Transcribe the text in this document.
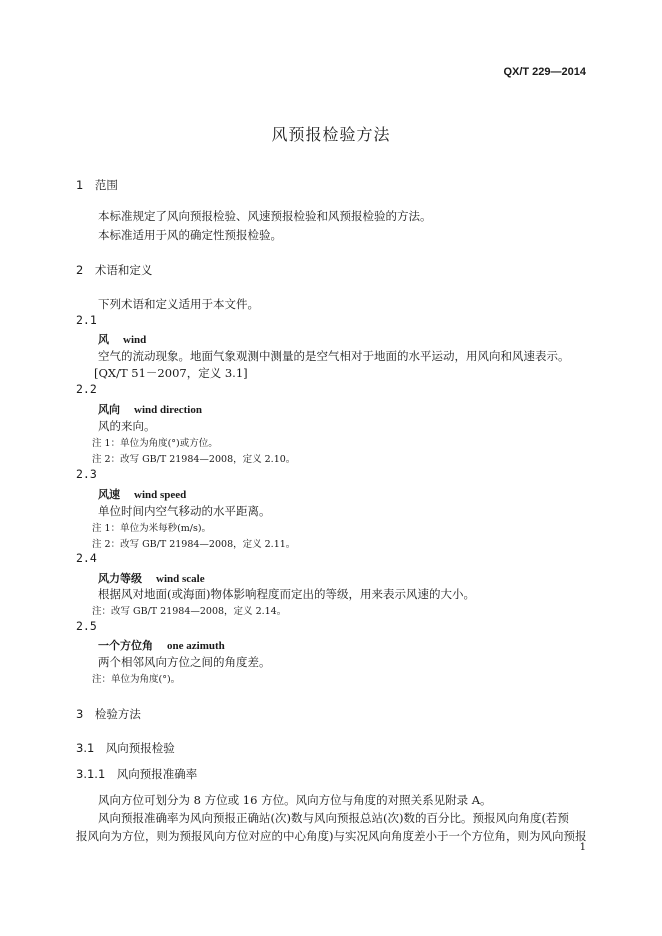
QX/T 229—2014
风预报检验方法
1　范围
本标准规定了风向预报检验、风速预报检验和风预报检验的方法。
本标准适用于风的确定性预报检验。
2　术语和定义
下列术语和定义适用于本文件。
2.1
风 wind
空气的流动现象。地面气象观测中测量的是空气相对于地面的水平运动，用风向和风速表示。
[QX/T 51－2007，定义 3.1]
2.2
风向 wind direction
风的来向。
注 1：单位为角度(°)或方位。
注 2：改写 GB/T 21984—2008，定义 2.10。
2.3
风速 wind speed
单位时间内空气移动的水平距离。
注 1：单位为米每秒(m/s)。
注 2：改写 GB/T 21984—2008，定义 2.11。
2.4
风力等级 wind scale
根据风对地面(或海面)物体影响程度而定出的等级，用来表示风速的大小。
注：改写 GB/T 21984—2008，定义 2.14。
2.5
一个方位角 one azimuth
两个相邻风向方位之间的角度差。
注：单位为角度(°)。
3　检验方法
3.1　风向预报检验
3.1.1　风向预报准确率
风向方位可划分为 8 方位或 16 方位。风向方位与角度的对照关系见附录 A。
风向预报准确率为风向预报正确站(次)数与风向预报总站(次)数的百分比。预报风向角度(若预
报风向为方位，则为预报风向方位对应的中心角度)与实况风向角度差小于一个方位角，则为风向预报
1
